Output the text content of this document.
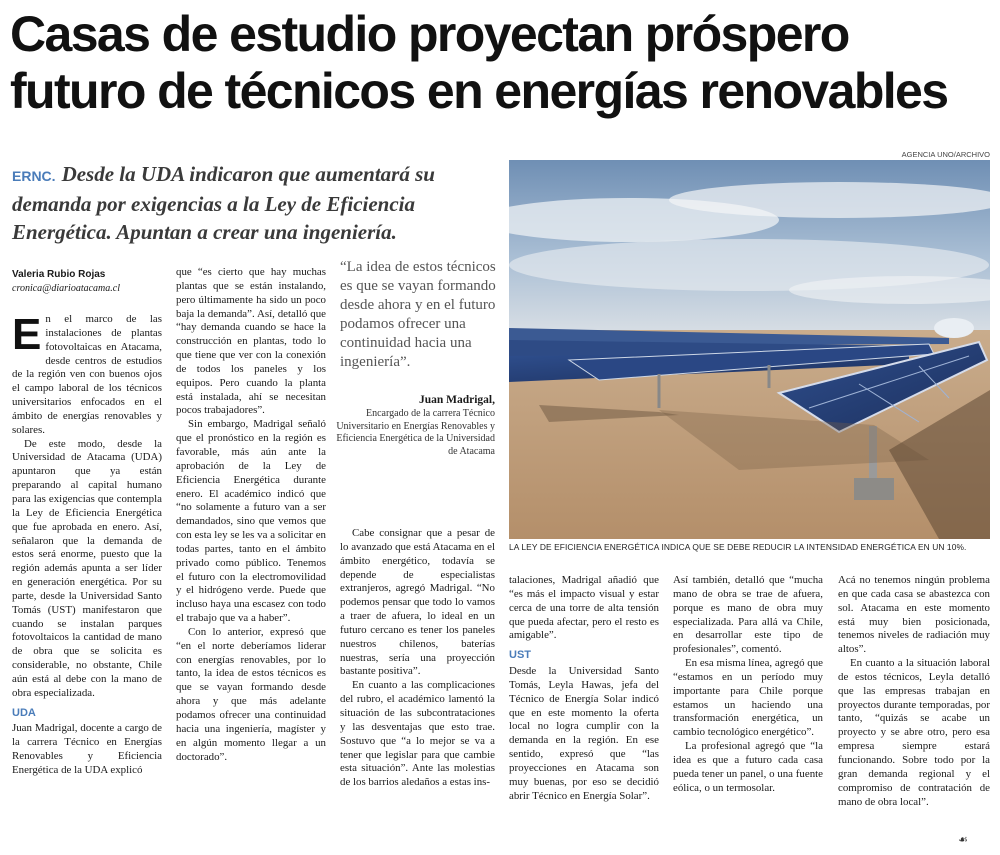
Casas de estudio proyectan próspero futuro de técnicos en energías renovables
ERNC. Desde la UDA indicaron que aumentará su demanda por exigencias a la Ley de Eficiencia Energética. Apuntan a crear una ingeniería.
Valeria Rubio Rojas
cronica@diarioatacama.cl

En el marco de las instalaciones de plantas fotovoltaicas en Atacama, desde centros de estudios de la región ven con buenos ojos el campo laboral de los técnicos universitarios enfocados en el ámbito de energías renovables y solares.

De este modo, desde la Universidad de Atacama (UDA) apuntaron que ya están preparando al capital humano para las exigencias que contempla la Ley de Eficiencia Energética que fue aprobada en enero. Así, señalaron que la demanda de estos será enorme, puesto que la región además apunta a ser líder en generación energética. Por su parte, desde la Universidad Santo Tomás (UST) manifestaron que cuando se instalan parques fotovoltaicos la cantidad de mano de obra que se solicita es considerable, no obstante, Chile aún está al debe con la mano de obra especializada.

UDA

Juan Madrigal, docente a cargo de la carrera Técnico en Energías Renovables y Eficiencia Energética de la UDA explicó

que “es cierto que hay muchas plantas que se están instalando, pero últimamente ha sido un poco baja la demanda”. Así, detalló que “hay demanda cuando se hace la construcción en plantas, todo lo que tiene que ver con la conexión de todos los paneles y los equipos. Pero cuando la planta está instalada, ahí se necesitan pocos trabajadores”.

Sin embargo, Madrigal señaló que el pronóstico en la región es favorable, más aún ante la aprobación de la Ley de Eficiencia Energética durante enero. El académico indicó que “no solamente a futuro van a ser demandados, sino que vemos que con esta ley se les va a solicitar en todas partes, tanto en el ámbito privado como público. Tenemos el futuro con la electromovilidad y el hidrógeno verde. Puede que incluso haya una escasez con todo el trabajo que va a haber”.

Con lo anterior, expresó que “en el norte deberíamos liderar con energías renovables, por lo tanto, la idea de estos técnicos es que se vayan formando desde ahora y que más adelante podamos ofrecer una continuidad hacia una ingeniería, magíster y en algún momento llegar a un doctorado”.

“La idea de estos técnicos es que se vayan formando desde ahora y en el futuro podamos ofrecer una continuidad hacia una ingeniería”.
Juan Madrigal,
Encargado de la carrera Técnico Universitario en Energías Renovables y Eficiencia Energética de la Universidad de Atacama

Cabe consignar que a pesar de lo avanzado que está Atacama en el ámbito energético, todavía se depende de especialistas extranjeros, agregó Madrigal. “No podemos pensar que todo lo vamos a traer de afuera, lo ideal en un futuro cercano es tener los paneles nuestros chilenos, baterías nuestras, sería una proyección bastante positiva”.

En cuanto a las complicaciones del rubro, el académico lamentó la situación de las subcontrataciones y las desventajas que esto trae. Sostuvo que “a lo mejor se va a tener que legislar para que cambie esta situación”. Ante las molestias de los barrios aledaños a estas ins-

AGENCIA UNO/ARCHIVO
LA LEY DE EFICIENCIA ENERGÉTICA INDICA QUE SE DEBE REDUCIR LA INTENSIDAD ENERGÉTICA EN UN 10%.

talaciones, Madrigal añadió que “es más el impacto visual y estar cerca de una torre de alta tensión que pueda afectar, pero el resto es amigable”.

UST

Desde la Universidad Santo Tomás, Leyla Hawas, jefa del Técnico de Energía Solar indicó que en este momento la oferta local no logra cumplir con la demanda en la región. En ese sentido, expresó que “las proyecciones en Atacama son muy buenas, por eso se decidió abrir Técnico en Energía Solar”.

Así también, detalló que “mucha mano de obra se trae de afuera, porque es mano de obra muy especializada. Para allá va Chile, en desarrollar este tipo de profesionales”, comentó.

En esa misma línea, agregó que “estamos en un período muy importante para Chile porque estamos un haciendo una transformación energética, un cambio tecnológico energético”.

La profesional agregó que “la idea es que a futuro cada casa pueda tener un panel, o una fuente eólica, o un termosolar.

Acá no tenemos ningún problema en que cada casa se abastezca con sol. Atacama en este momento está muy bien posicionada, tenemos niveles de radiación muy altos”.

En cuanto a la situación laboral de estos técnicos, Leyla detalló que las empresas trabajan en proyectos durante temporadas, por tanto, “quizás se acabe un proyecto y se abre otro, pero esa empresa siempre estará funcionando. Sobre todo por la gran demanda regional y el compromiso de contratación de mano de obra local”.

☙
